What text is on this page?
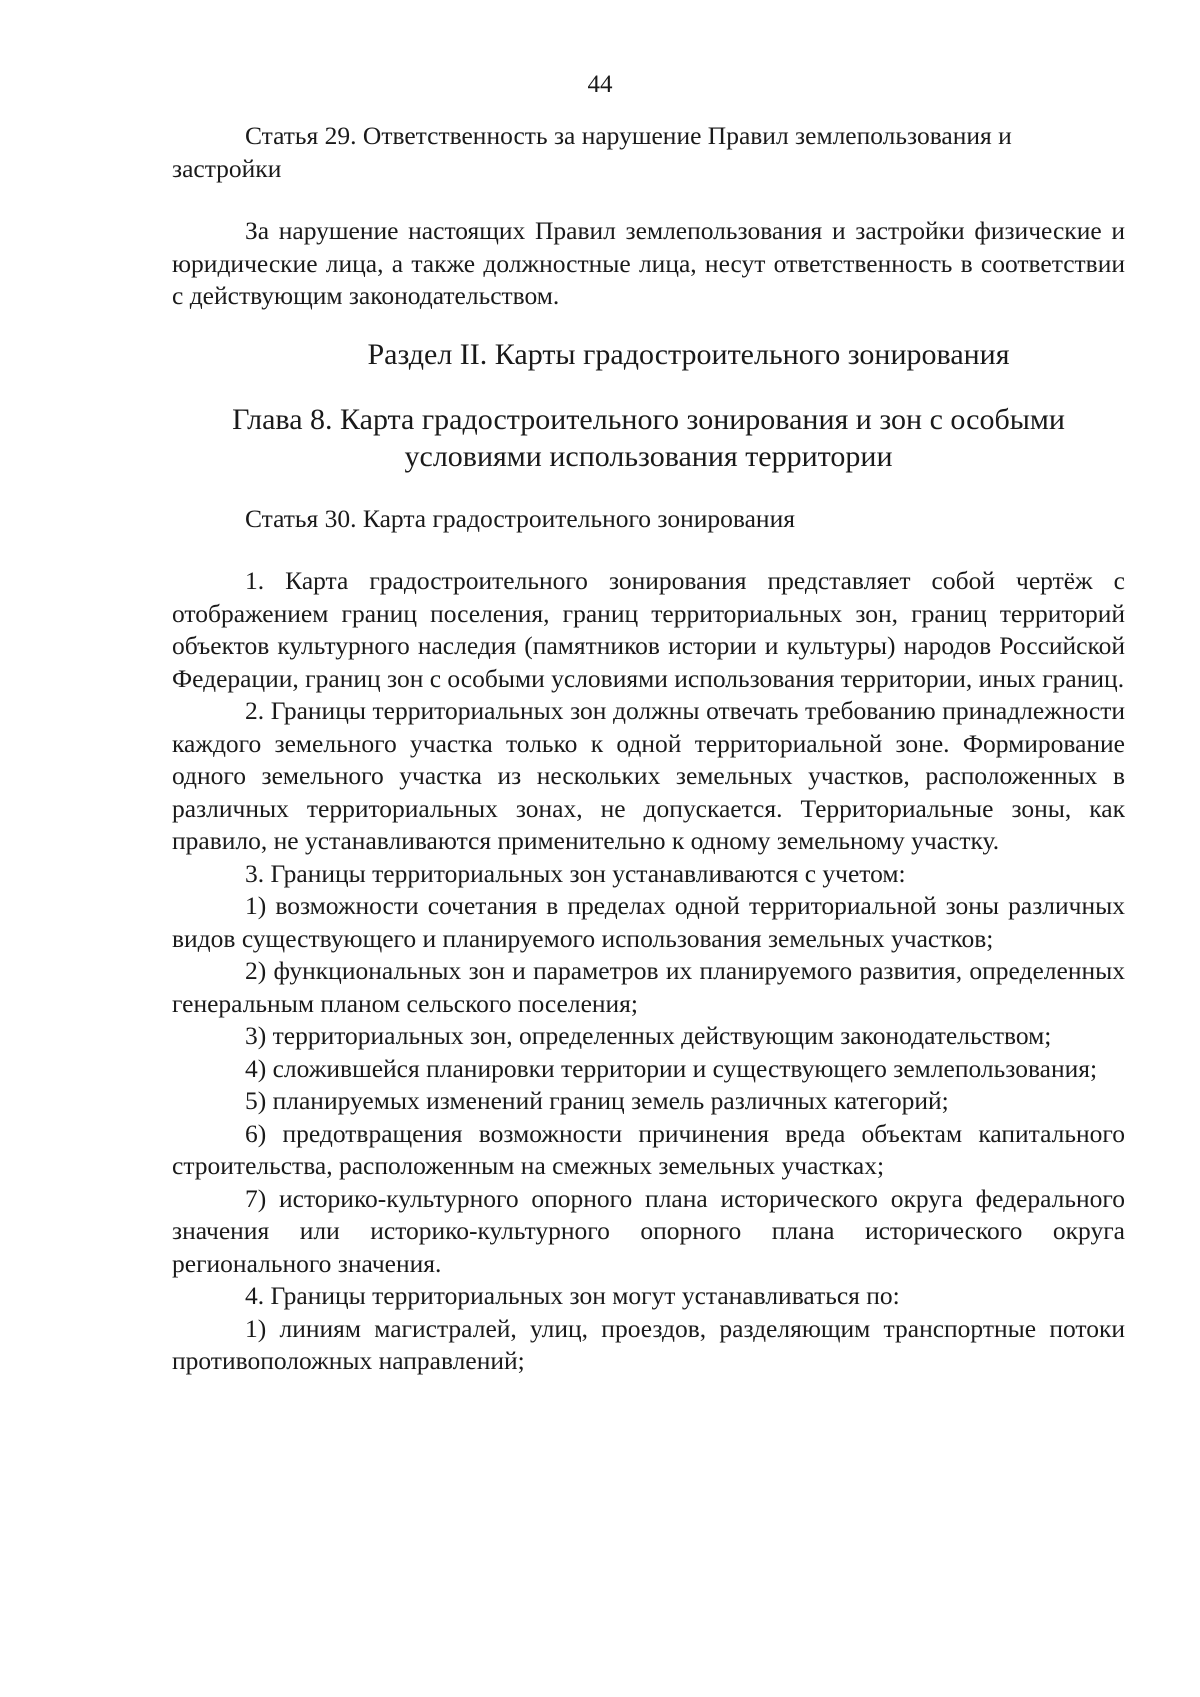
44

Статья 29. Ответственность за нарушение Правил землепользования и застройки

За нарушение настоящих Правил землепользования и застройки физические и юридические лица, а также должностные лица, несут ответственность в соответствии с действующим законодательством.

Раздел II. Карты градостроительного зонирования

Глава 8. Карта градостроительного зонирования и зон с особыми условиями использования территории

Статья 30. Карта градостроительного зонирования

1. Карта градостроительного зонирования представляет собой чертёж с отображением границ поселения, границ территориальных зон, границ территорий объектов культурного наследия (памятников истории и культуры) народов Российской Федерации, границ зон с особыми условиями использования территории, иных границ.

2. Границы территориальных зон должны отвечать требованию принадлежности каждого земельного участка только к одной территориальной зоне. Формирование одного земельного участка из нескольких земельных участков, расположенных в различных территориальных зонах, не допускается. Территориальные зоны, как правило, не устанавливаются применительно к одному земельному участку.

3. Границы территориальных зон устанавливаются с учетом:

1) возможности сочетания в пределах одной территориальной зоны различных видов существующего и планируемого использования земельных участков;

2) функциональных зон и параметров их планируемого развития, определенных генеральным планом сельского поселения;

3) территориальных зон, определенных действующим законодательством;

4) сложившейся планировки территории и существующего землепользования;

5) планируемых изменений границ земель различных категорий;

6) предотвращения возможности причинения вреда объектам капитального строительства, расположенным на смежных земельных участках;

7) историко-культурного опорного плана исторического округа федерального значения или историко-культурного опорного плана исторического округа регионального значения.

4. Границы территориальных зон могут устанавливаться по:

1) линиям магистралей, улиц, проездов, разделяющим транспортные потоки противоположных направлений;
